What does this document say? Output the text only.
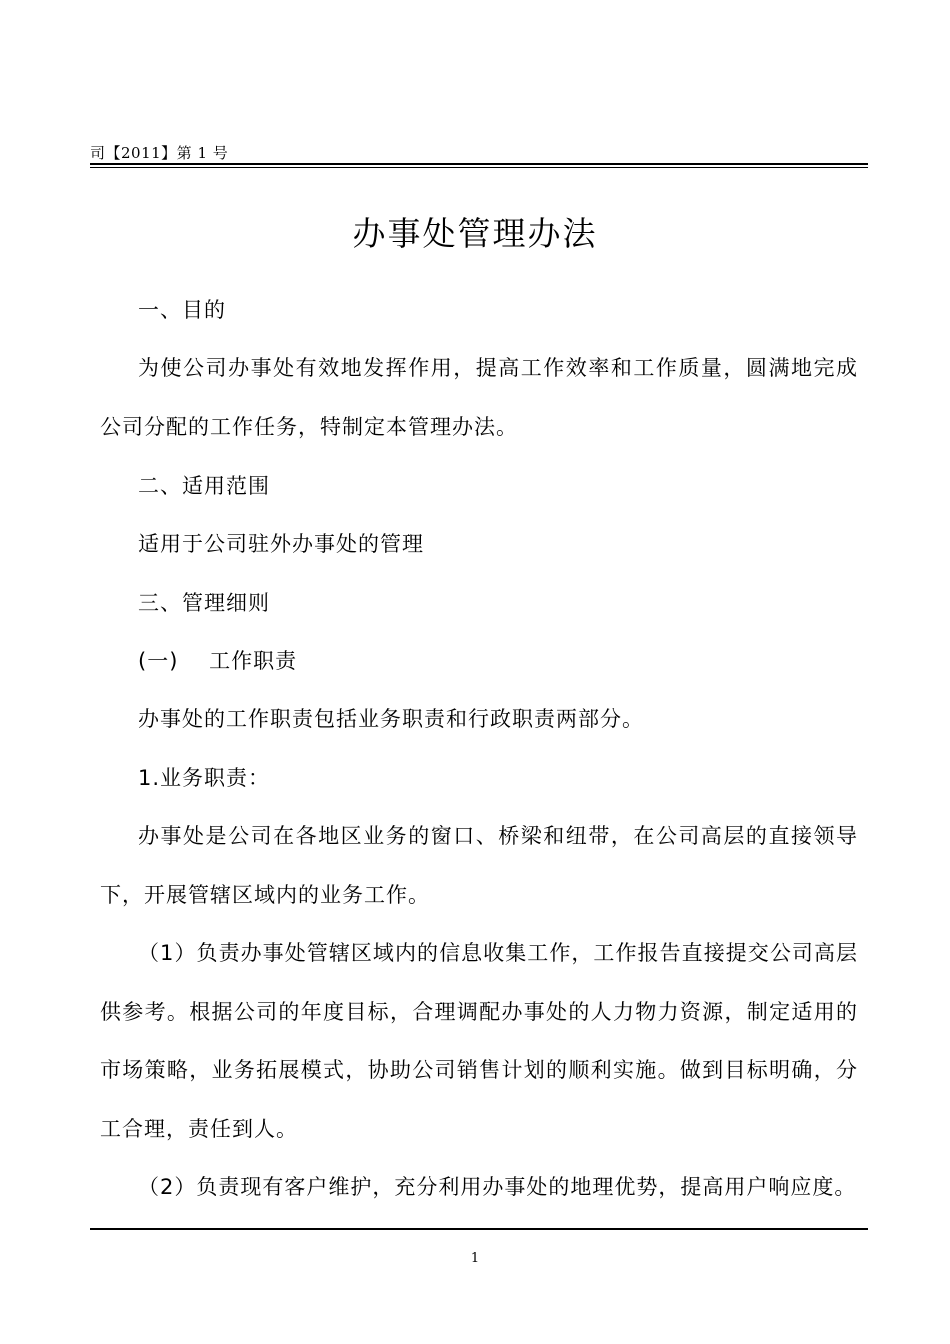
司【2011】第 1 号
办事处管理办法

一、目的

为使公司办事处有效地发挥作用，提高工作效率和工作质量，圆满地完成公司分配的工作任务，特制定本管理办法。

二、适用范围

适用于公司驻外办事处的管理

三、管理细则

(一)    工作职责

办事处的工作职责包括业务职责和行政职责两部分。

1.业务职责：

办事处是公司在各地区业务的窗口、桥梁和纽带，在公司高层的直接领导下，开展管辖区域内的业务工作。

（1）负责办事处管辖区域内的信息收集工作，工作报告直接提交公司高层供参考。根据公司的年度目标，合理调配办事处的人力物力资源，制定适用的市场策略，业务拓展模式，协助公司销售计划的顺利实施。做到目标明确，分工合理，责任到人。

（2）负责现有客户维护，充分利用办事处的地理优势，提高用户响应度。

1
